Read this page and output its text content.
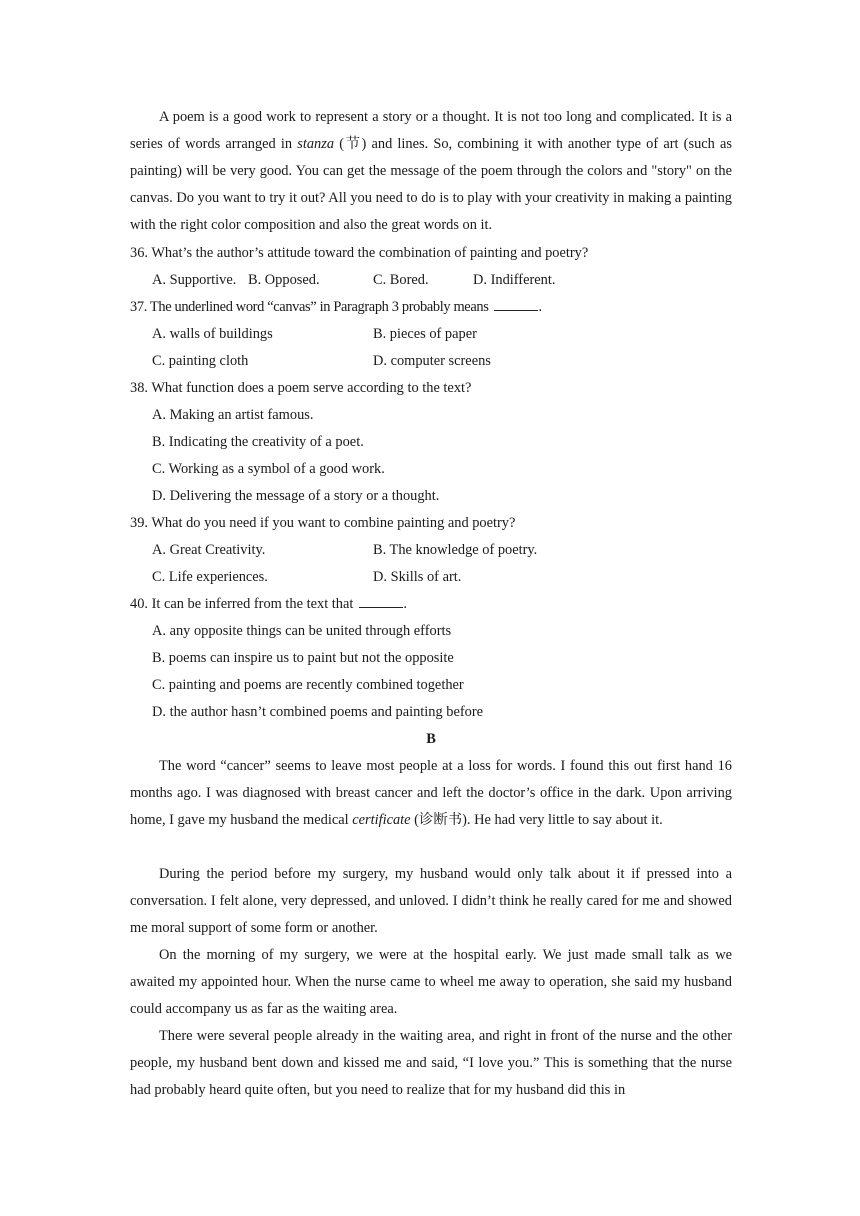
A poem is a good work to represent a story or a thought. It is not too long and complicated. It is a series of words arranged in stanza (节) and lines. So, combining it with another type of art (such as painting) will be very good. You can get the message of the poem through the colors and "story" on the canvas. Do you want to try it out? All you need to do is to play with your creativity in making a painting with the right color composition and also the great words on it.

36. What’s the author’s attitude toward the combination of painting and poetry?
A. Supportive. B. Opposed.	C. Bored.	D. Indifferent.
37. The underlined word “canvas” in Paragraph 3 probably means	.
A. walls of buildings	B. pieces of paper
C. painting cloth	D. computer screens
38. What function does a poem serve according to the text?
A. Making an artist famous.
B. Indicating the creativity of a poet.
C. Working as a symbol of a good work.
D. Delivering the message of a story or a thought.
39. What do you need if you want to combine painting and poetry?
A. Great Creativity.	B. The knowledge of poetry.
C. Life experiences.	D. Skills of art.
40. It can be inferred from the text that	.
A. any opposite things can be united through efforts
B. poems can inspire us to paint but not the opposite
C. painting and poems are recently combined together
D. the author hasn’t combined poems and painting before
B

The word “cancer” seems to leave most people at a loss for words. I found this out first hand 16 months ago. I was diagnosed with breast cancer and left the doctor’s office in the dark. Upon arriving home, I gave my husband the medical certificate (诊断书). He had very little to say about it.

During the period before my surgery, my husband would only talk about it if pressed into a conversation. I felt alone, very depressed, and unloved. I didn’t think he really cared for me and showed me moral support of some form or another.

On the morning of my surgery, we were at the hospital early. We just made small talk as we awaited my appointed hour. When the nurse came to wheel me away to operation, she said my husband could accompany us as far as the waiting area.

There were several people already in the waiting area, and right in front of the nurse and the other people, my husband bent down and kissed me and said, “I love you.” This is something that the nurse had probably heard quite often, but you need to realize that for my husband did this in
